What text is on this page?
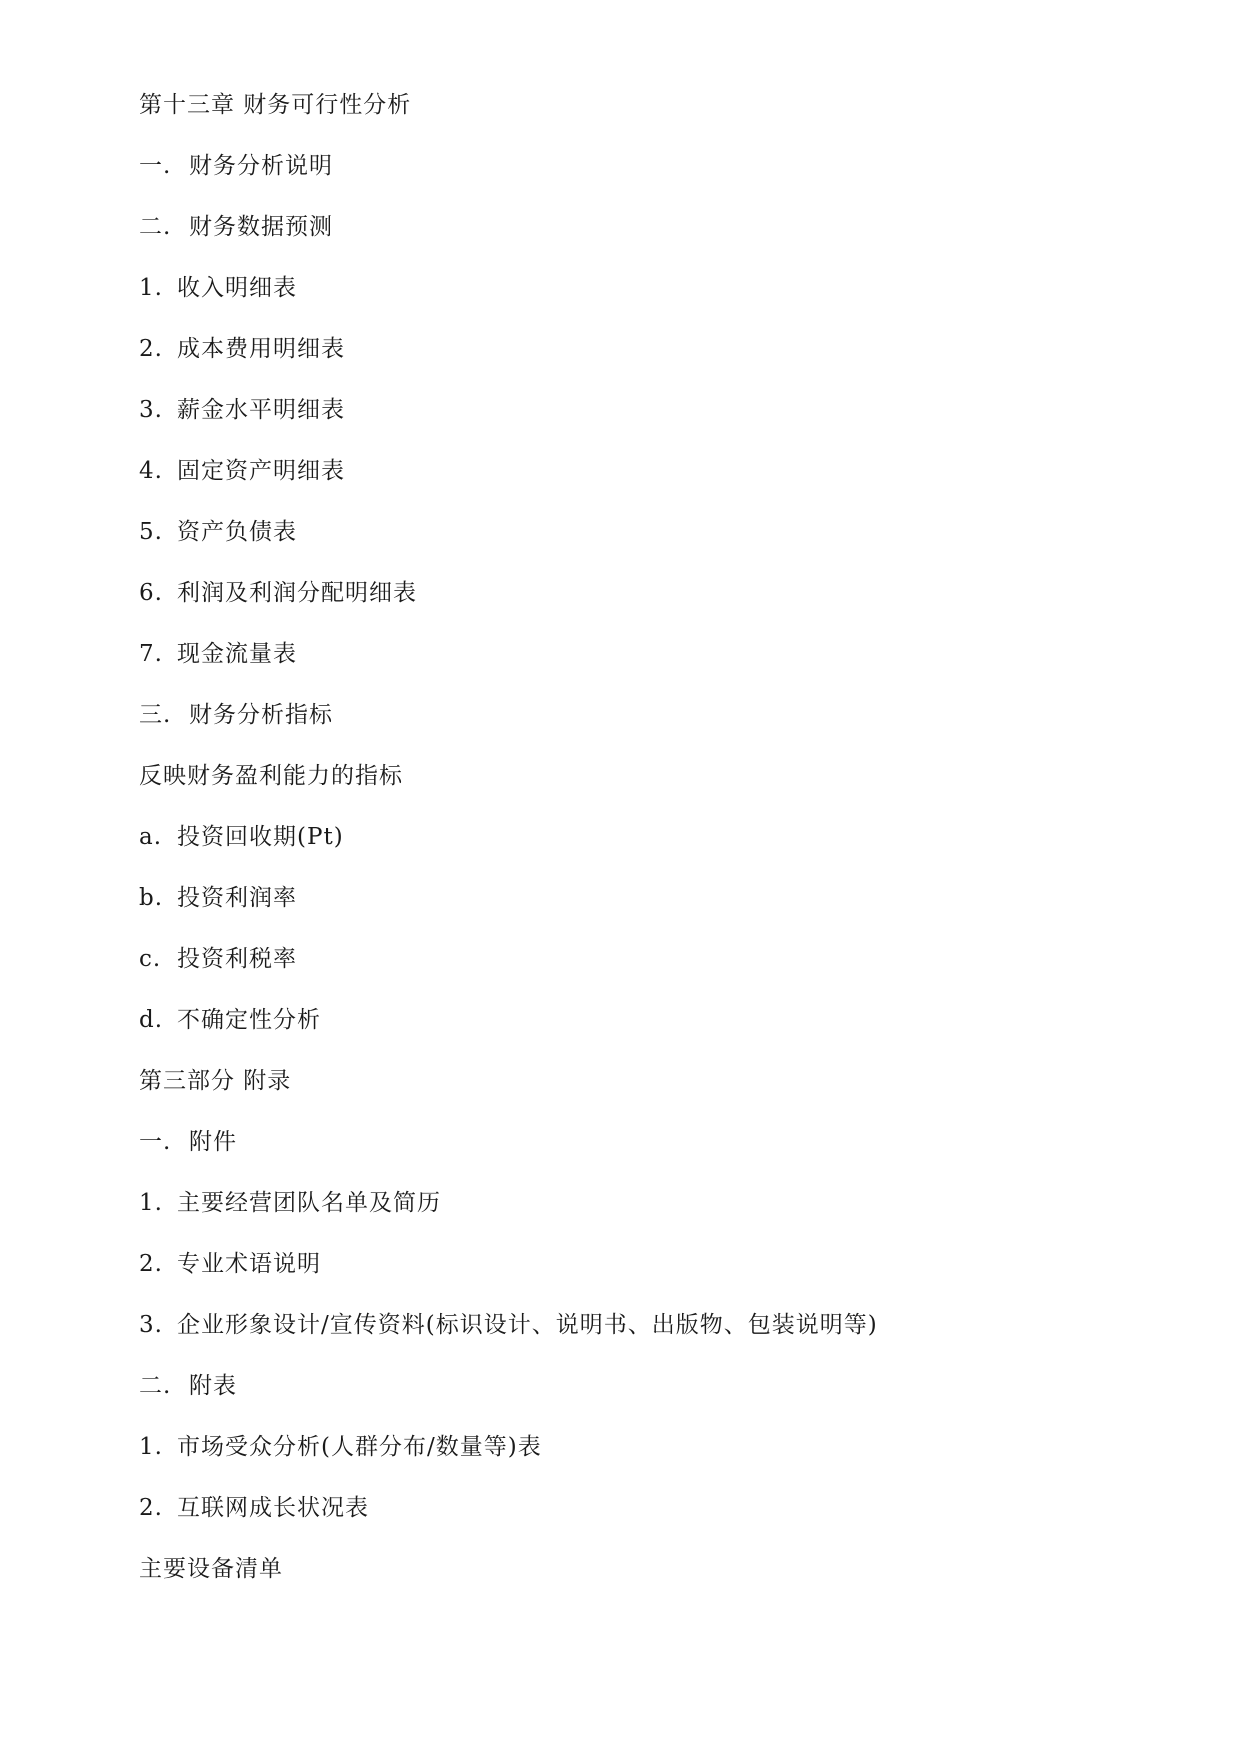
第十三章 财务可行性分析
一. 财务分析说明
二. 财务数据预测
1. 收入明细表
2. 成本费用明细表
3. 薪金水平明细表
4. 固定资产明细表
5. 资产负债表
6. 利润及利润分配明细表
7. 现金流量表
三. 财务分析指标
反映财务盈利能力的指标
a. 投资回收期(Pt)
b. 投资利润率
c. 投资利税率
d. 不确定性分析
第三部分 附录
一. 附件
1. 主要经营团队名单及简历
2. 专业术语说明
3. 企业形象设计/宣传资料(标识设计、说明书、出版物、包装说明等)
二. 附表
1. 市场受众分析(人群分布/数量等)表
2. 互联网成长状况表
主要设备清单
